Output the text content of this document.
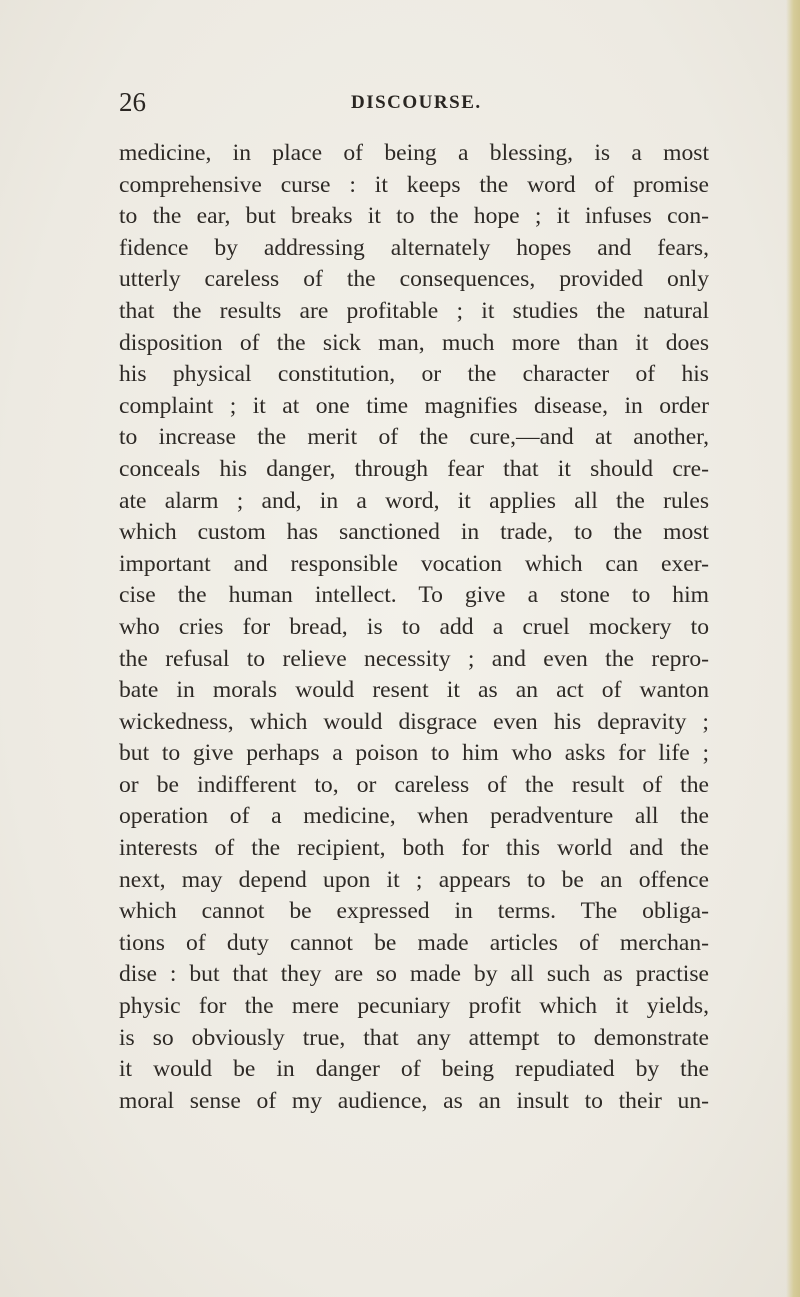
26	DISCOURSE.
medicine, in place of being a blessing, is a most
comprehensive curse : it keeps the word of promise
to the ear, but breaks it to the hope ; it infuses con-
fidence by addressing alternately hopes and fears,
utterly careless of the consequences, provided only
that the results are profitable ; it studies the natural
disposition of the sick man, much more than it does
his physical constitution, or the character of his
complaint ; it at one time magnifies disease, in order
to increase the merit of the cure,—and at another,
conceals his danger, through fear that it should cre-
ate alarm ; and, in a word, it applies all the rules
which custom has sanctioned in trade, to the most
important and responsible vocation which can exer-
cise the human intellect. To give a stone to him
who cries for bread, is to add a cruel mockery to
the refusal to relieve necessity ; and even the repro-
bate in morals would resent it as an act of wanton
wickedness, which would disgrace even his depravity ;
but to give perhaps a poison to him who asks for life ;
or be indifferent to, or careless of the result of the
operation of a medicine, when peradventure all the
interests of the recipient, both for this world and the
next, may depend upon it ; appears to be an offence
which cannot be expressed in terms. The obliga-
tions of duty cannot be made articles of merchan-
dise : but that they are so made by all such as practise
physic for the mere pecuniary profit which it yields,
is so obviously true, that any attempt to demonstrate
it would be in danger of being repudiated by the
moral sense of my audience, as an insult to their un-
